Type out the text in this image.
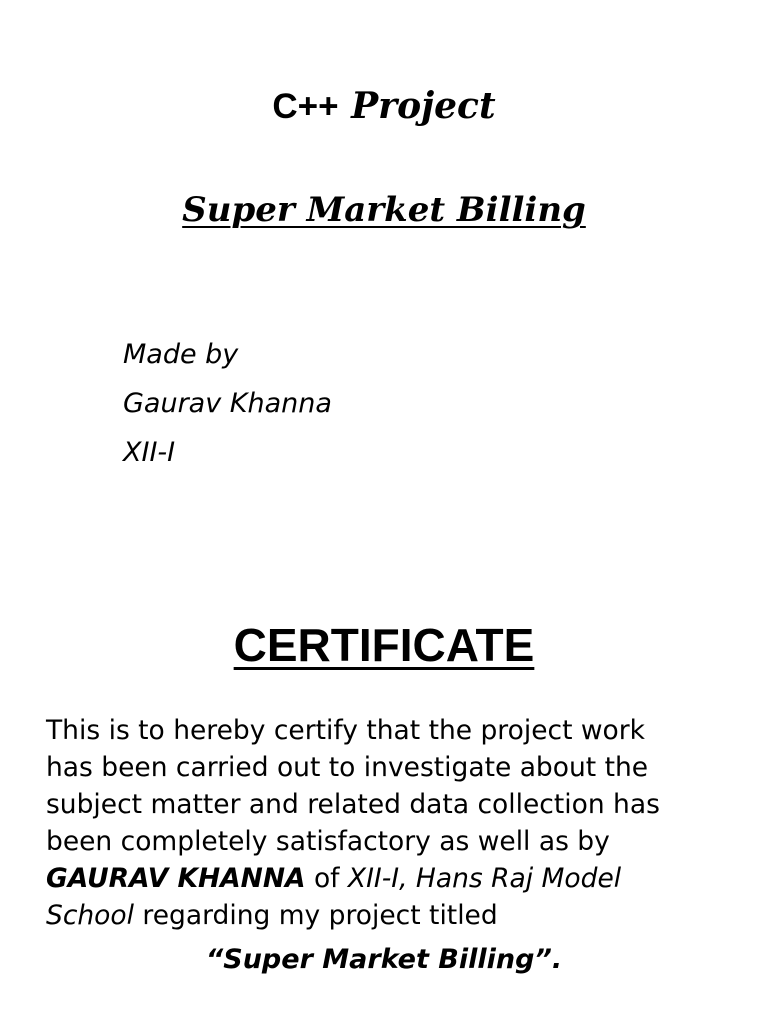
C++ Project
Super Market Billing
Made by
Gaurav Khanna
XII-I
CERTIFICATE
This is to hereby certify that the project work
has been carried out to investigate about the
subject matter and related data collection has
been completely satisfactory as well as by
GAURAV KHANNA of XII-I, Hans Raj Model
School regarding my project titled
“Super Market Billing”.
